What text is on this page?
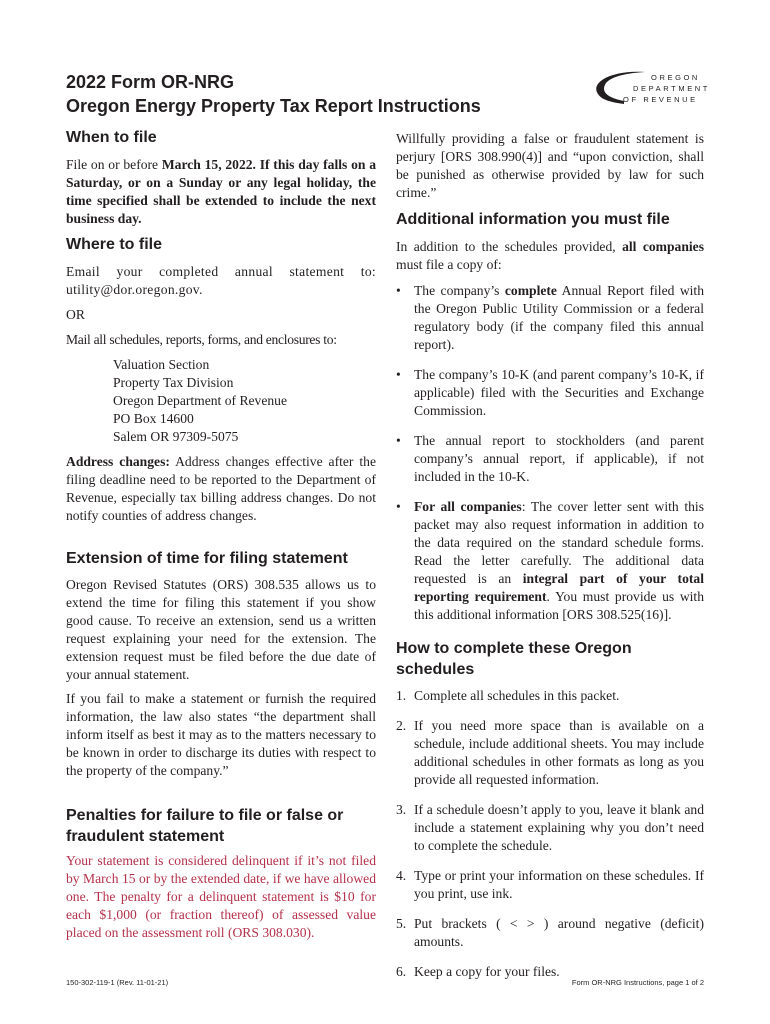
2022 Form OR-NRG
Oregon Energy Property Tax Report Instructions
OREGON
DEPARTMENT
OF REVENUE
When to file
File on or before March 15, 2022. If this day falls on a Saturday, or on a Sunday or any legal holiday, the time specified shall be extended to include the next business day.
Where to file
Email your completed annual statement to: utility@dor.oregon.gov.
OR
Mail all schedules, reports, forms, and enclosures to:
Valuation Section
Property Tax Division
Oregon Department of Revenue
PO Box 14600
Salem OR 97309-5075
Address changes: Address changes effective after the filing deadline need to be reported to the Department of Revenue, especially tax billing address changes. Do not notify counties of address changes.
Extension of time for filing statement
Oregon Revised Statutes (ORS) 308.535 allows us to extend the time for filing this statement if you show good cause. To receive an extension, send us a written request explaining your need for the extension. The extension request must be filed before the due date of your annual statement.
If you fail to make a statement or furnish the required information, the law also states “the department shall inform itself as best it may as to the matters necessary to be known in order to discharge its duties with respect to the property of the company.”
Penalties for failure to file or false or fraudulent statement
Your statement is considered delinquent if it’s not filed by March 15 or by the extended date, if we have allowed one. The penalty for a delinquent statement is $10 for each $1,000 (or fraction thereof) of assessed value placed on the assessment roll (ORS 308.030).
Willfully providing a false or fraudulent statement is perjury [ORS 308.990(4)] and “upon conviction, shall be punished as otherwise provided by law for such crime.”
Additional information you must file
In addition to the schedules provided, all companies must file a copy of:
• The company’s complete Annual Report filed with the Oregon Public Utility Commission or a federal regulatory body (if the company filed this annual report).
• The company’s 10-K (and parent company’s 10-K, if applicable) filed with the Securities and Exchange Commission.
• The annual report to stockholders (and parent company’s annual report, if applicable), if not included in the 10-K.
• For all companies: The cover letter sent with this packet may also request information in addition to the data required on the standard schedule forms. Read the letter carefully. The additional data requested is an integral part of your total reporting requirement. You must provide us with this additional information [ORS 308.525(16)].
How to complete these Oregon schedules
1. Complete all schedules in this packet.
2. If you need more space than is available on a schedule, include additional sheets. You may include additional schedules in other formats as long as you provide all requested information.
3. If a schedule doesn’t apply to you, leave it blank and include a statement explaining why you don’t need to complete the schedule.
4. Type or print your information on these schedules. If you print, use ink.
5. Put brackets ( < > ) around negative (deficit) amounts.
6. Keep a copy for your files.
150-302-119-1 (Rev. 11-01-21)	Form OR-NRG Instructions, page 1 of 2
